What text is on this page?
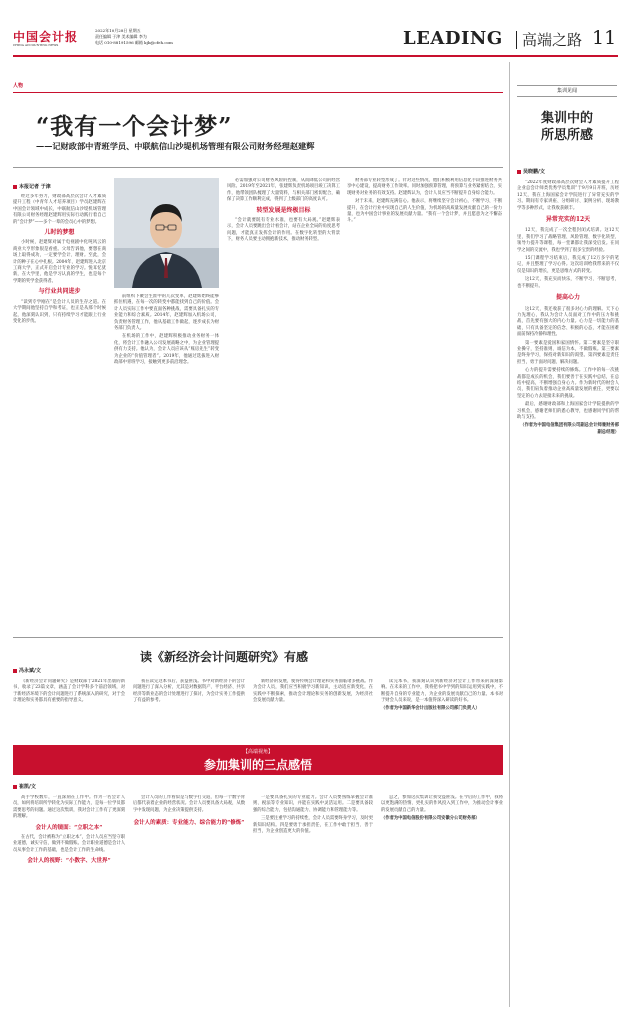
中国会计报
CHINA ACCOUNTING NEWS
2022年10月28日 星期五
责任编辑 于津 美术编辑 李为
电话 010-88191596 邮箱 kjb@cfeh.com	LEADING 高端之路 11
人物
“我有一个会计梦”
——记财政部中青班学员、中联航信山沙堤机场管理有限公司财务经理赵建辉
本报记者 于津

经过多年努力，财政部高层次会计人才素质提升工程（中青年人才培养项目）学员赵建辉在中国会计领域中成长，中联航信山沙堤机场管理有限公司财务经理赵建辉用实际行动践行着自己的“会计梦”——多个一辈的会员心中的梦想。

儿时的梦想

小时候，赵建辉对属于电视剧中化吨风云的商业大亨形象很是看重。父母告诉他，要想在商场上取得成功，一定要学会计、理财。至此，会计的种子在心中扎根。2004年，赵建辉进入北京工商大学，正式开启会计专业的学习。悦耳忆犹新，在大学里，他是学习认真的学生，也是每个学期的奖学金获得者。

与行业共同进步

“读到专学刚在”是会计人员的生存之道。在大学期间他坚持自学和考证，也正是从那个时候起，他深刻认识到，只有持续学习才能跟上行业变化的步伐。

前组织下聚会生涯中的几次变革，赵建辉始终能够抓住机遇，在每一次的转变中都能找到自己的价值。会计人员实际工作中要直面各种挑战，需要具备扎实的专业能力和综合素质。2014年，赵建辉加入机场公司，负责财务管理工作，他从基础工作做起，逐步成长为财务部门负责人。

在机场的工作中，赵建辉积极推动业务财务一体化，将会计工作融入公司发展战略之中，为企业管理提供有力支持。他认为，会计人员应该从“账房先生”转变为企业的“价值管理者”。2019年，他通过选拔进入财政部中青班学习，接触到更多前沿理念。

必需加强对公司财务风险的控制，从而降低公司的经营风险。2019年至2021年，张建辉负责机场项目竣工决算工作，他带领团队梳理了大量资料，与相关部门密切配合，确保了决算工作顺利完成，得到了上级部门的高度认可。

转型发展是终极目标

“会计就要既有专业水准，也要有大局观。”赵建辉表示，会计人员要跳出会计看会计，站在企业全局的角度思考问题，才能真正发挥会计的作用。在数字化转型的大背景下，财务人员要主动拥抱新技术，推动财务转型。

财务部专业转型形成了。针对这些情况，他们积极利用信息化手段推进财务共享中心建设，提高财务工作效率。同时加强预算管理，将预算与业务紧密结合，实现财务对业务的有效支持。赵建辉认为，会计人员应当不断提升自身综合能力。

对于未来，赵建辉充满信心。他表示，将继续坚守会计初心，不断学习、不断提升，在会计行业中实现自己的人生价值，为机场的高质量发展贡献自己的一份力量，也为中国会计事业的发展贡献力量。“我有一个会计梦，并且愿意为之不懈奋斗。”

集训见闻
集训中的
所思所感
吴晓鹏/文

“2022年度财政部高层次财会人才素质提升工程企业总会计师类优秀学员集训”于9月9日开班，历经12天，我在上海国家会计学院进行了异常充实的学习。期间有专家讲座、分组研讨、案例分析、现场教学等多种形式，让我收获颇丰。

异常充实的12天

12天，我完成了一次全程封闭式培训。这12天里，我们学习了战略管理、风险管理、数字化转型、领导力提升等课程，每一堂课都让我深受启发。在同学之间的交流中，我也学到了很多宝贵的经验。

15门课程学习结束后，我完成了12万多字的笔记，并且整理了学习心得。这次培训给我带来的不仅仅是知识的增长，更是思维方式的转变。

这12天，我充实而快乐，不断学习、不断思考，也不断提升。

提高心力

这12天，我还收获了很多对心力的理解。天下心力先理心，我认为会计人员面对工作中的压力和挑战，首先要有强大的内心力量。心力是一切能力的基础，只有具备坚定的信念、积极的心态，才能在困难面前保持冷静和理性。

第一要素是爱国和家国情怀。第二要素是坚守职业操守，坚持准则、诚信为本，不做假账。第三要素是终身学习，保持对新知识的渴望。第四要素是责任担当，勇于面对问题、解决问题。

心力的提升需要持续的修炼。工作中的每一次挑战都是成长的机会，我们要善于在实践中总结，在总结中提高，不断增强自身心力。作为新时代的财会人员，我们肩负着推动企业高质量发展的重任，更要以坚定的心力去迎接未来的挑战。

最后，感谢财政部和上海国家会计学院提供的学习机会，感谢老师们的悉心教导，也感谢同学们的帮助与支持。

（作者为中国电信集团有限公司副总会计师兼财务部副总经理）

读《新经济会计问题研究》有感
冯永斌/文

《新经济会计问题研究》是财政部于2021年出版的新书，收录了23篇文章，涵盖了会计学科多个前沿领域，对于新经济环境下的会计问题进行了系统深入的研究，对于会计理论和实务都具有重要的指导意义。

我在读完这本书后，获益匪浅。书中对新经济下的会计问题进行了深入分析，尤其是对数据资产、平台经济、共享经济等新业态的会计处理进行了探讨，为会计实务工作提供了有益的参考。

新经济的发展，使得传统会计理论和实务面临诸多挑战。作为会计人员，我们应当积极学习新知识，主动适应新变化，在实践中不断探索，推动会计理论和实务的创新发展，为经济社会发展贡献力量。

读完本书，我深刻认识到新经济对会计工作带来的深刻影响。在未来的工作中，我将把书中学到的知识运用到实践中，不断提升自身的专业能力，为企业的发展贡献自己的力量。本书对于财会人员来说，是一本值得深入研读的好书。

（作者为中国新华会计出版社有限公司部门负责人）

【高端视角】
参加集训的三点感悟
崔凯/文

高手学校数年，一直深刻在工作中。作为一名会计人员，如何将培训所学转化为实际工作能力，是每一位学员都需要思考的问题。通过这次集训，我对会计工作有了更深刻的理解。

会计人的镜面：“立职之本”

在古代，会计被称为“立职之本”，会计人员应当坚守职业道德，诚实守信，做到不做假账。会计职业道德是会计人员从事会计工作的基础，也是会计工作的生命线。

会计人的视野：“小数字、大世界”

会计人员的工作看似是与数字打交道，但每一个数字背后都代表着企业的经营状况。会计人员要具备大局观，从数字中发现问题，为企业决策提供支持。

会计人的素质：专业能力、综合能力的“修炼”

一是要具备扎实的专业能力。会计人员要熟练掌握会计准则、税法等专业知识，并能在实践中灵活运用。二是要具备较强的综合能力，包括沟通能力、协调能力和管理能力等。

三是要注重学习的持续性，会计人员需要终身学习，及时更新知识结构。四是要勇于承担责任，在工作中敢于担当、善于担当，为企业创造更大的价值。

总之，参加这次集训让我受益匪浅。在今后的工作中，我将以更饱满的热情、更扎实的作风投入到工作中，为推动会计事业的发展贡献自己的力量。

（作者为中国电信股份有限公司安徽分公司财务部）
